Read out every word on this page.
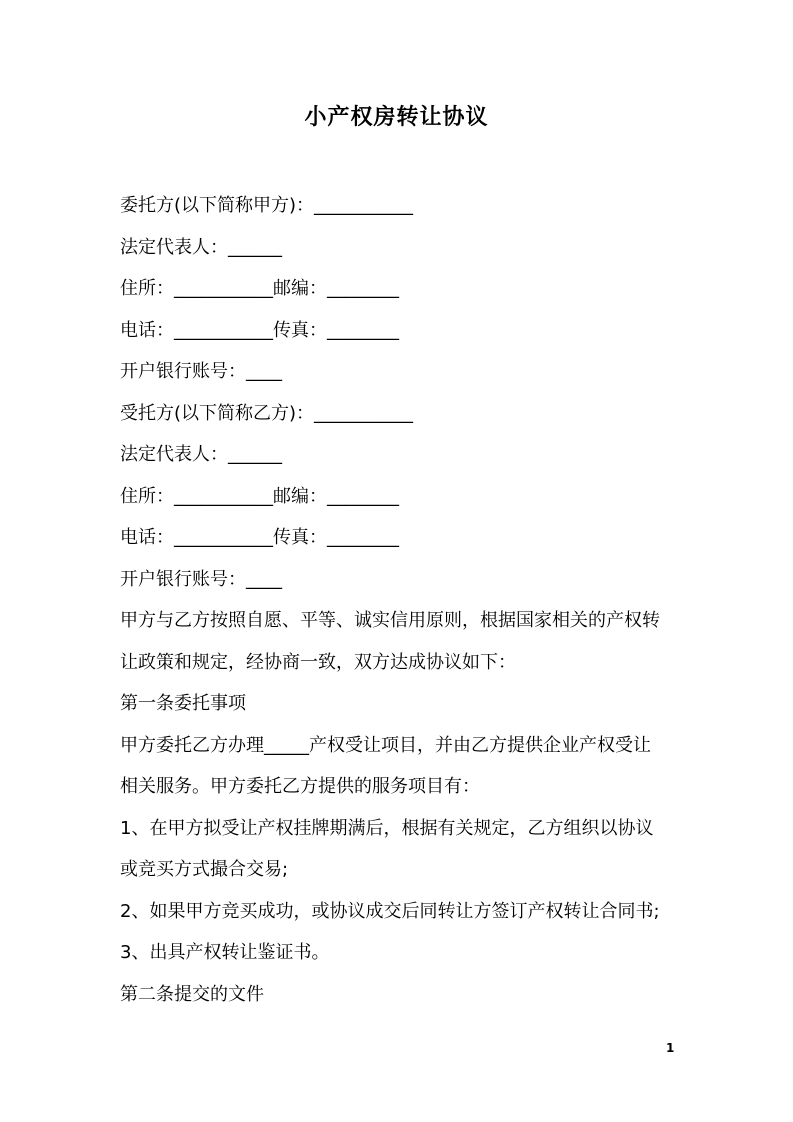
小产权房转让协议
委托方(以下简称甲方)：___________
法定代表人：______
住所：___________邮编：________
电话：___________传真：________
开户银行账号：____
受托方(以下简称乙方)：___________
法定代表人：______
住所：___________邮编：________
电话：___________传真：________
开户银行账号：____
甲方与乙方按照自愿、平等、诚实信用原则，根据国家相关的产权转
让政策和规定，经协商一致，双方达成协议如下：
第一条委托事项
甲方委托乙方办理_____产权受让项目，并由乙方提供企业产权受让
相关服务。甲方委托乙方提供的服务项目有：
1、在甲方拟受让产权挂牌期满后，根据有关规定，乙方组织以协议
或竞买方式撮合交易;
2、如果甲方竞买成功，或协议成交后同转让方签订产权转让合同书;
3、出具产权转让鉴证书。
第二条提交的文件
1
